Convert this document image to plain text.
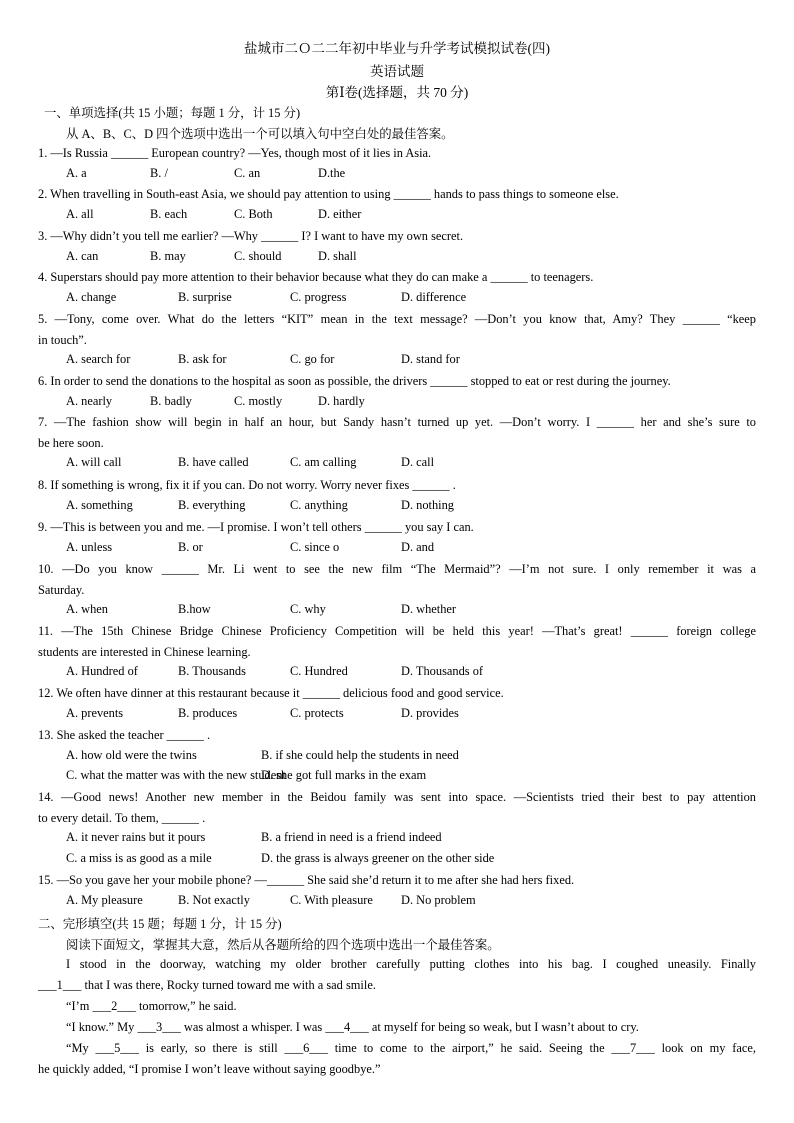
盐城市二Ｏ二二年初中毕业与升学考试模拟试卷(四)
英语试题
第Ⅰ卷(选择题，共 70 分)
一、单项选择(共 15 小题；每题 1 分，计 15 分)
从 A、B、C、D 四个选项中选出一个可以填入句中空白处的最佳答案。
1. —Is Russia ______ European country? —Yes, though most of it lies in Asia.
A. a	B. /	C. an	D.the
2. When travelling in South-east Asia, we should pay attention to using ______ hands to pass things to someone else.
A. all	B. each	C. Both	D. either
3. —Why didn’t you tell me earlier? —Why ______ I? I want to have my own secret.
A. can	B. may	C. should	D. shall
4. Superstars should pay more attention to their behavior because what they do can make a ______ to teenagers.
A. change	B. surprise	C. progress	D. difference
5. —Tony, come over. What do the letters “KIT” mean in the text message? —Don’t you know that, Amy? They ______ “keep
in touch”.
A. search for	B. ask for	C. go for	D. stand for
6. In order to send the donations to the hospital as soon as possible, the drivers ______ stopped to eat or rest during the journey.
A. nearly	B. badly	C. mostly	D. hardly
7. —The fashion show will begin in half an hour, but Sandy hasn’t turned up yet. —Don’t worry. I ______ her and she’s sure to
be here soon.
A. will call	B. have called	C. am calling	D. call
8. If something is wrong, fix it if you can. Do not worry. Worry never fixes ______ .
A. something	B. everything	C. anything	D. nothing
9. —This is between you and me. —I promise. I won’t tell others ______ you say I can.
A. unless	B. or	C. since o	D. and
10. —Do you know ______ Mr. Li went to see the new film “The Mermaid”? —I’m not sure. I only remember it was a
Saturday.
A. when	B.how	C. why	D. whether
11. —The 15th Chinese Bridge Chinese Proficiency Competition will be held this year! —That’s great! ______ foreign college
students are interested in Chinese learning.
A. Hundred of	B. Thousands	C. Hundred	D. Thousands of
12. We often have dinner at this restaurant because it ______ delicious food and good service.
A. prevents	B. produces	C. protects	D. provides
13. She asked the teacher ______ .
A. how old were the twins	B. if she could help the students in need
C. what the matter was with the new student
D. she got full marks in the exam
14. —Good news! Another new member in the Beidou family was sent into space. —Scientists tried their best to pay attention
to every detail. To them, ______ .
A. it never rains but it pours	B. a friend in need is a friend indeed
C. a miss is as good as a mile	D. the grass is always greener on the other side
15. —So you gave her your mobile phone? —______ She said she’d return it to me after she had hers fixed.
A. My pleasure	B. Not exactly	C. With pleasure D. No problem
二、完形填空(共 15 题；每题 1 分，计 15 分)
阅读下面短文，掌握其大意，然后从各题所给的四个选项中选出一个最佳答案。
I stood in the doorway, watching my older brother carefully putting clothes into his bag. I coughed uneasily. Finally
___1___ that I was there, Rocky turned toward me with a sad smile.
“I’m ___2___ tomorrow,” he said.
“I know.” My ___3___ was almost a whisper. I was ___4___ at myself for being so weak, but I wasn’t about to cry.
“My ___5___ is early, so there is still ___6___ time to come to the airport,” he said. Seeing the ___7___ look on my face,
he quickly added, “I promise I won’t leave without saying goodbye.”
